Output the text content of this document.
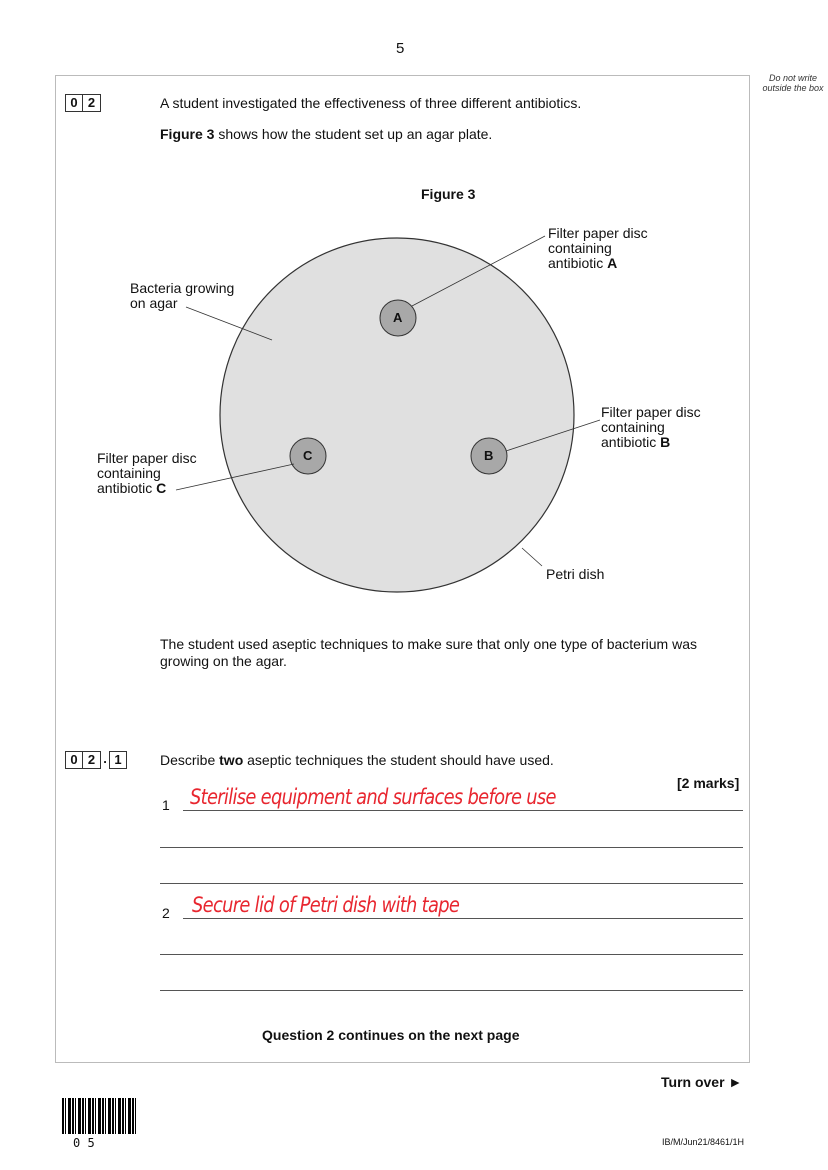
5
Do not write outside the box
0 2	A student investigated the effectiveness of three different antibiotics.
Figure 3 shows how the student set up an agar plate.
Figure 3
A
B
C
Filter paper disc
containing
antibiotic A
Bacteria growing
on agar
Filter paper disc
containing
antibiotic B
Filter paper disc
containing
antibiotic C
Petri dish
The student used aseptic techniques to make sure that only one type of bacterium was growing on the agar.
0 2 . 1	Describe two aseptic techniques the student should have used.
[2 marks]
1 Sterilise equipment and surfaces before use
2 Secure lid of Petri dish with tape
Question 2 continues on the next page
Turn over ►
0 5	IB/M/Jun21/8461/1H
